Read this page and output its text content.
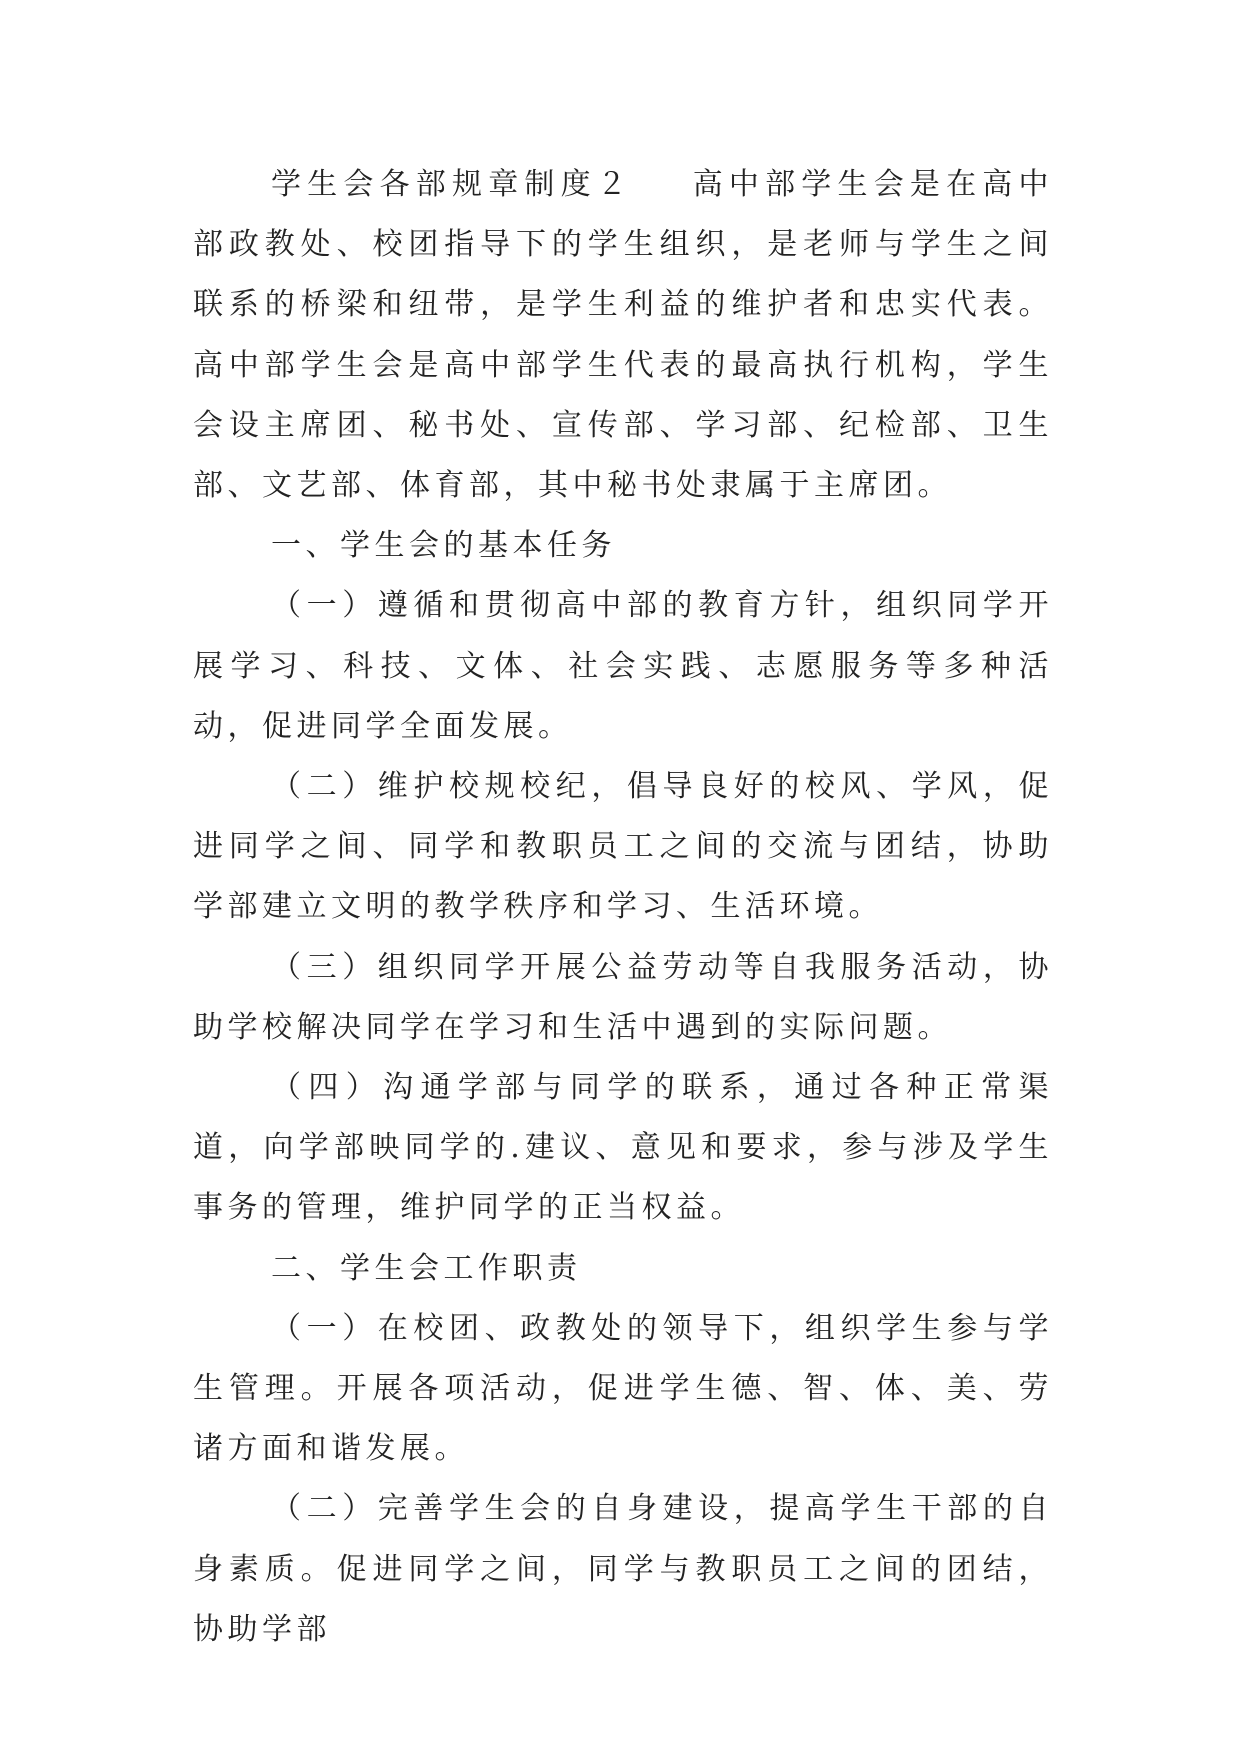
学生会各部规章制度２ 高中部学生会是在高中部政教处、校团指导下的学生组织，是老师与学生之间联系的桥梁和纽带，是学生利益的维护者和忠实代表。高中部学生会是高中部学生代表的最高执行机构，学生会设主席团、秘书处、宣传部、学习部、纪检部、卫生部、文艺部、体育部，其中秘书处隶属于主席团。

一、学生会的基本任务

（一）遵循和贯彻高中部的教育方针，组织同学开展学习、科技、文体、社会实践、志愿服务等多种活动，促进同学全面发展。

（二）维护校规校纪，倡导良好的校风、学风，促进同学之间、同学和教职员工之间的交流与团结，协助学部建立文明的教学秩序和学习、生活环境。

（三）组织同学开展公益劳动等自我服务活动，协助学校解决同学在学习和生活中遇到的实际问题。

（四）沟通学部与同学的联系，通过各种正常渠道，向学部映同学的.建议、意见和要求，参与涉及学生事务的管理，维护同学的正当权益。

二、学生会工作职责

（一）在校团、政教处的领导下，组织学生参与学生管理。开展各项活动，促进学生德、智、体、美、劳诸方面和谐发展。

（二）完善学生会的自身建设，提高学生干部的自身素质。促进同学之间，同学与教职员工之间的团结，协助学部
